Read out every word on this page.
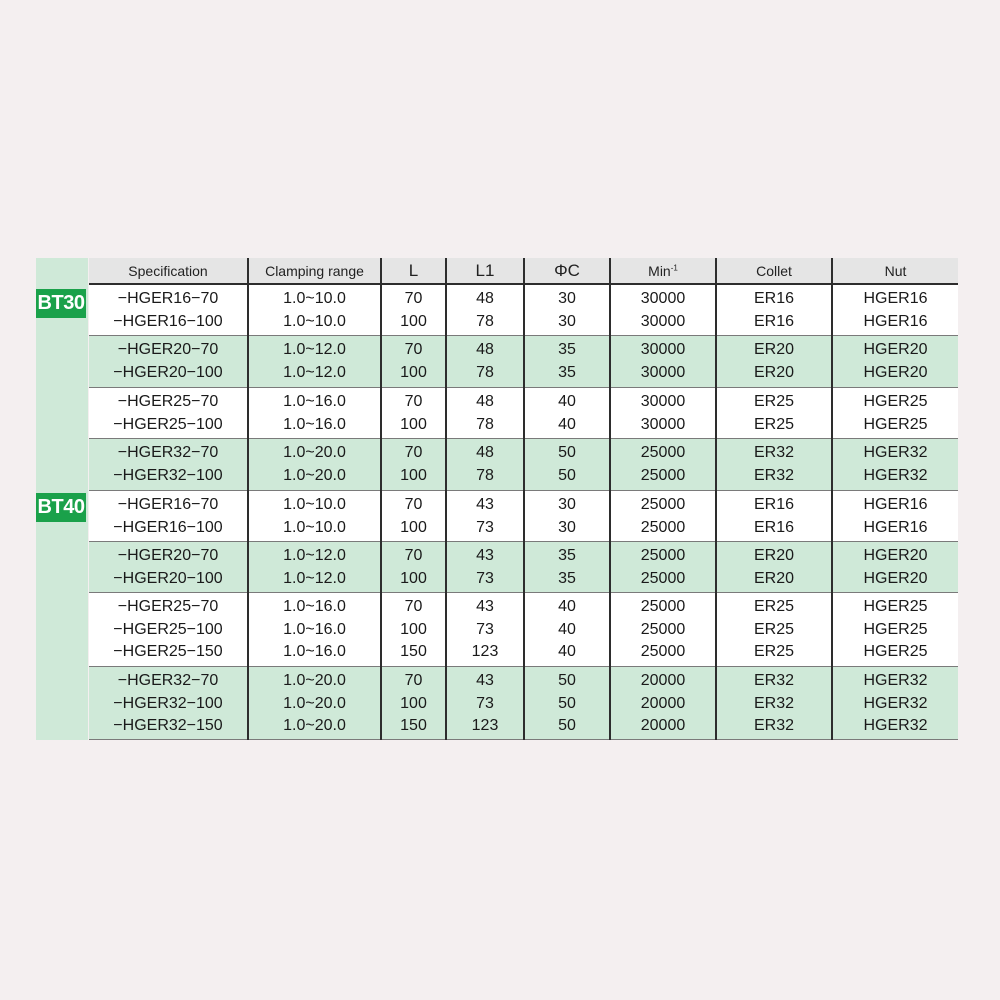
BT30
BT40
Specification	Clamping range	L	L1	ΦC	Min$^{-1}$	Collet	Nut
−HGER16−70	1.0~10.0	70	48	30	30000	ER16	HGER16
−HGER16−100	1.0~10.0	100	78	30	30000	ER16	HGER16
−HGER20−70	1.0~12.0	70	48	35	30000	ER20	HGER20
−HGER20−100	1.0~12.0	100	78	35	30000	ER20	HGER20
−HGER25−70	1.0~16.0	70	48	40	30000	ER25	HGER25
−HGER25−100	1.0~16.0	100	78	40	30000	ER25	HGER25
−HGER32−70	1.0~20.0	70	48	50	25000	ER32	HGER32
−HGER32−100	1.0~20.0	100	78	50	25000	ER32	HGER32
−HGER16−70	1.0~10.0	70	43	30	25000	ER16	HGER16
−HGER16−100	1.0~10.0	100	73	30	25000	ER16	HGER16
−HGER20−70	1.0~12.0	70	43	35	25000	ER20	HGER20
−HGER20−100	1.0~12.0	100	73	35	25000	ER20	HGER20
−HGER25−70	1.0~16.0	70	43	40	25000	ER25	HGER25
−HGER25−100	1.0~16.0	100	73	40	25000	ER25	HGER25
−HGER25−150	1.0~16.0	150	123	40	25000	ER25	HGER25
−HGER32−70	1.0~20.0	70	43	50	20000	ER32	HGER32
−HGER32−100	1.0~20.0	100	73	50	20000	ER32	HGER32
−HGER32−150	1.0~20.0	150	123	50	20000	ER32	HGER32
